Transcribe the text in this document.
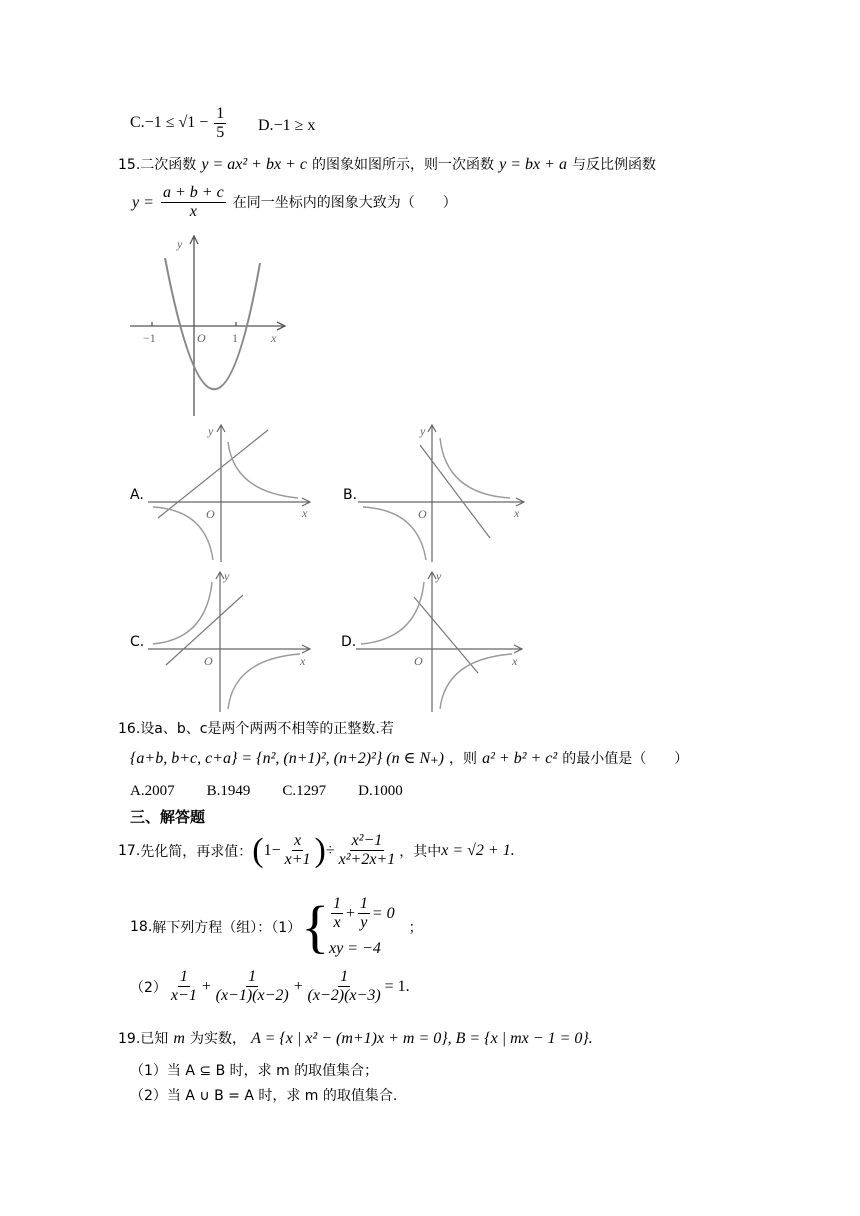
$C.-1 \le √1 - \frac{1}{5} D.-1 \ge x$
15.二次函数 y = ax² + bx + c 的图象如图所示，则一次函数 y = bx + a 与反比例函数
$y = \frac{a + b + c}{x}$ 在同一坐标内的图象大致为（　　）
y
x
O
−1	1
A.
y
x
O
B.
y
x
O
C.
y
x
O
D.
y
x
O
16.设a、b、c是两个两两不相等的正整数.若
{a+b, b+c, c+a} = {n², (n+1)², (n+2)²} (n ∈ N₊) ，则 a² + b² + c² 的最小值是（　　）
A.2007 B.1949 C.1297 D.1000
三、解答题
17. 先化简，再求值： ( $1- \frac{x}{x+1}$ ) ÷ $\frac{\text{x²−1}}{\text{x²+2x+1}}$ ，其中 x = √2 + 1.
18. 解下列方程（组）：（1） { $\frac{1}{x} + \frac{1}{y} = 0$
xy = −4
；
$(2) \frac{1}{x-1} + \frac{1}{(x-1)(x-2)} + \frac{1}{(x-2)(x-3)} = 1$.
19.已知 m 为实数， A = {x | x² − (m+1)x + m = 0}, B = {x | mx − 1 = 0}.
（1）当 A ⊆ B 时，求 m 的取值集合；
（2）当 A ∪ B = A 时，求 m 的取值集合.
